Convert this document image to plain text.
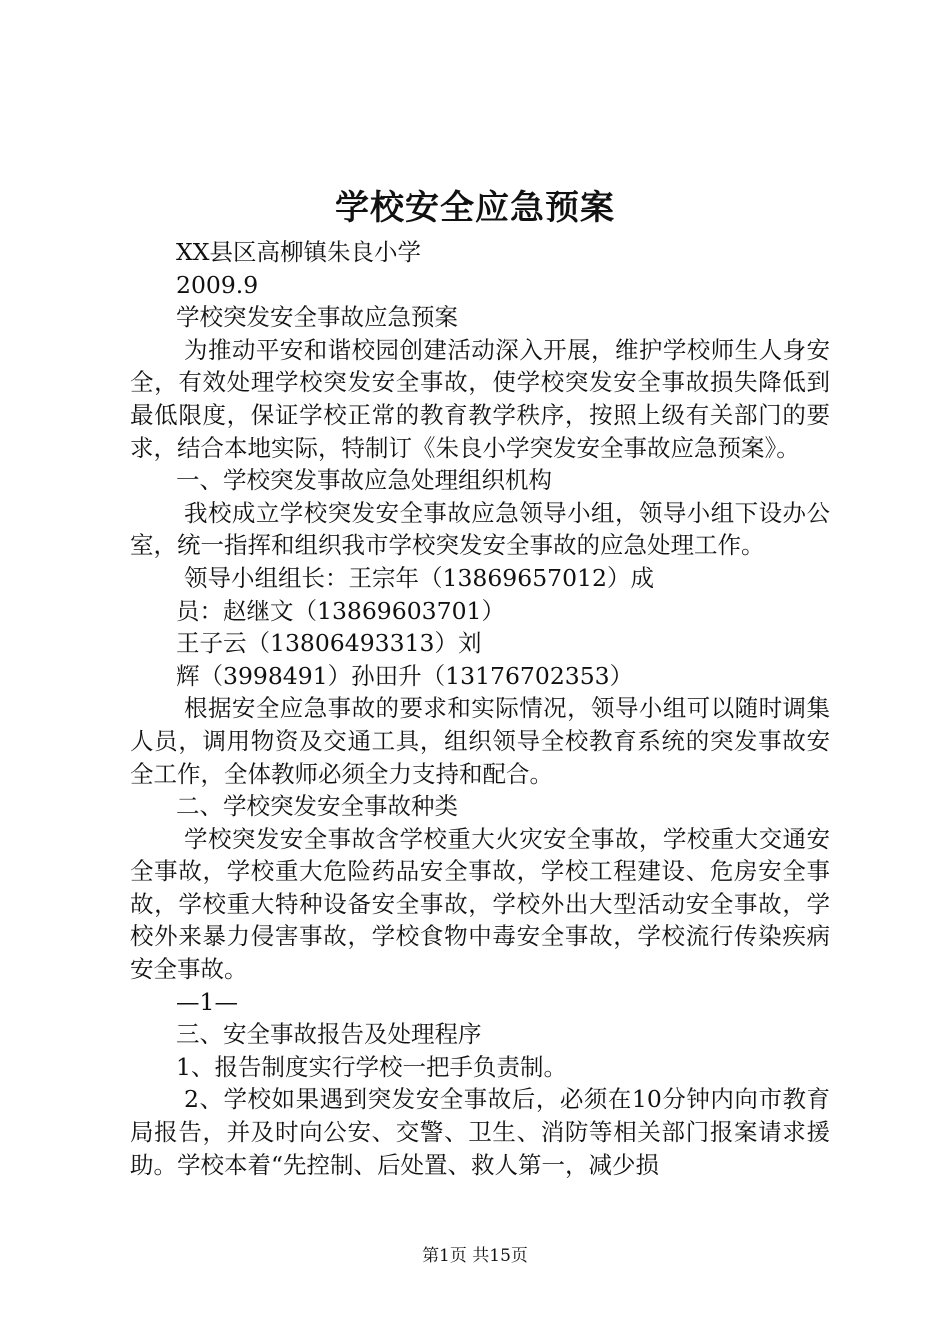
学校安全应急预案

XX县区高柳镇朱良小学

2009.9

学校突发安全事故应急预案

为推动平安和谐校园创建活动深入开展，维护学校师生人身安全，有效处理学校突发安全事故，使学校突发安全事故损失降低到最低限度，保证学校正常的教育教学秩序，按照上级有关部门的要求，结合本地实际，特制订《朱良小学突发安全事故应急预案》。

一、学校突发事故应急处理组织机构

我校成立学校突发安全事故应急领导小组，领导小组下设办公室，统一指挥和组织我市学校突发安全事故的应急处理工作。

领导小组组长：王宗年（13869657012）成

员：赵继文（13869603701）

王子云（13806493313）刘

辉（3998491）孙田升（13176702353）

根据安全应急事故的要求和实际情况，领导小组可以随时调集人员，调用物资及交通工具，组织领导全校教育系统的突发事故安全工作，全体教师必须全力支持和配合。

二、学校突发安全事故种类

学校突发安全事故含学校重大火灾安全事故，学校重大交通安全事故，学校重大危险药品安全事故，学校工程建设、危房安全事故，学校重大特种设备安全事故，学校外出大型活动安全事故，学校外来暴力侵害事故，学校食物中毒安全事故，学校流行传染疾病安全事故。

—1—

三、安全事故报告及处理程序

1、报告制度实行学校一把手负责制。

2、学校如果遇到突发安全事故后，必须在10分钟内向市教育局报告，并及时向公安、交警、卫生、消防等相关部门报案请求援助。学校本着“先控制、后处置、救人第一，减少损

第1页 共15页
